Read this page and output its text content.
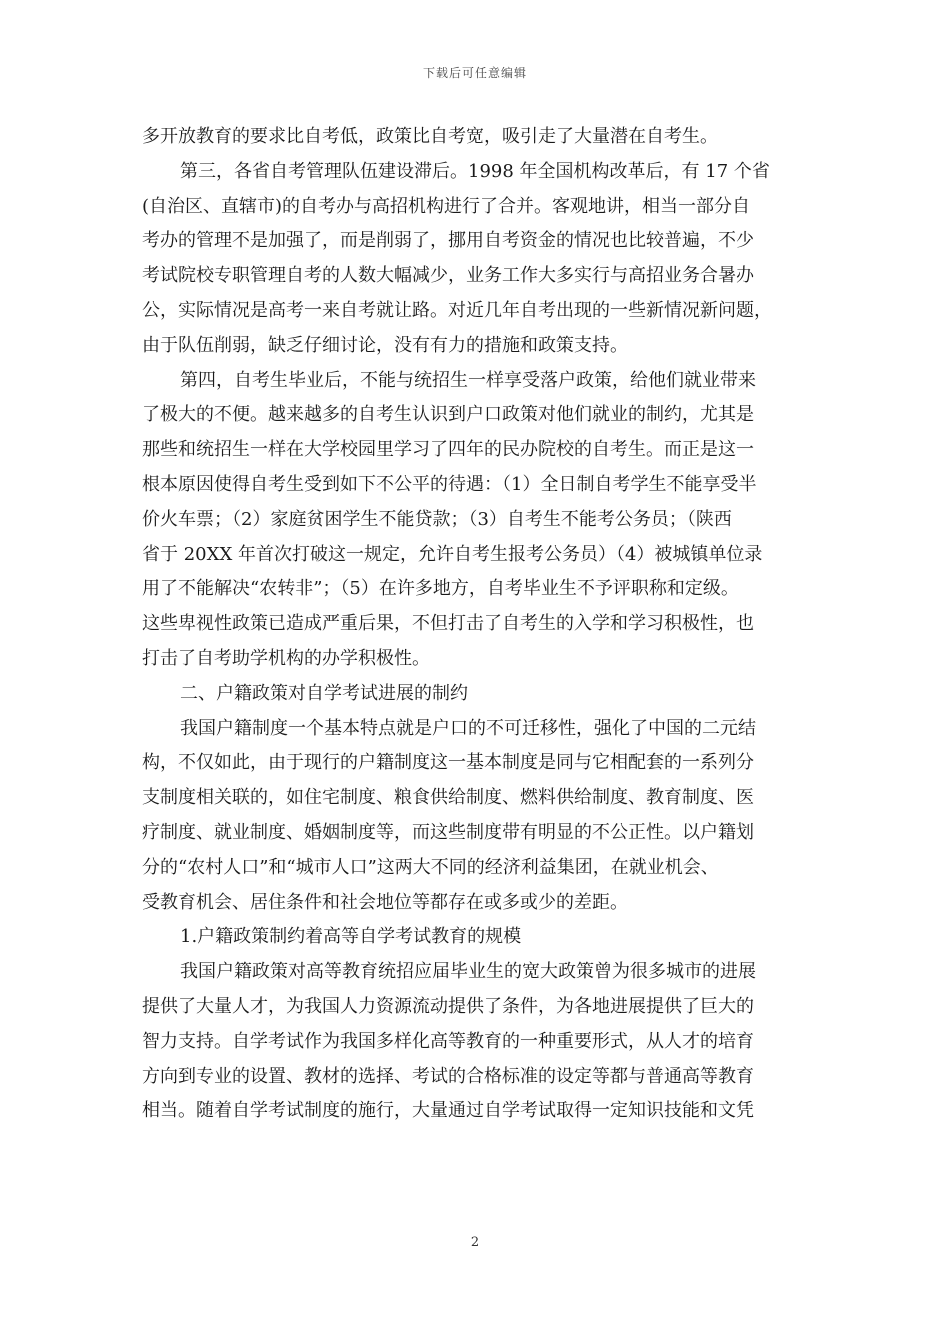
下载后可任意编辑
多开放教育的要求比自考低，政策比自考宽，吸引走了大量潜在自考生。
第三，各省自考管理队伍建设滞后。1998 年全国机构改革后，有 17 个省
(自治区、直辖市)的自考办与高招机构进行了合并。客观地讲，相当一部分自
考办的管理不是加强了，而是削弱了，挪用自考资金的情况也比较普遍，不少
考试院校专职管理自考的人数大幅减少，业务工作大多实行与高招业务合暑办
公，实际情况是高考一来自考就让路。对近几年自考出现的一些新情况新问题，
由于队伍削弱，缺乏仔细讨论，没有有力的措施和政策支持。
第四，自考生毕业后，不能与统招生一样享受落户政策，给他们就业带来
了极大的不便。越来越多的自考生认识到户口政策对他们就业的制约，尤其是
那些和统招生一样在大学校园里学习了四年的民办院校的自考生。而正是这一
根本原因使得自考生受到如下不公平的待遇：（1）全日制自考学生不能享受半
价火车票；（2）家庭贫困学生不能贷款；（3）自考生不能考公务员；（陕西
省于 20XX 年首次打破这一规定，允许自考生报考公务员）（4）被城镇单位录
用了不能解决“农转非”；（5）在许多地方，自考毕业生不予评职称和定级。
这些卑视性政策已造成严重后果，不但打击了自考生的入学和学习积极性，也
打击了自考助学机构的办学积极性。
二、户籍政策对自学考试进展的制约
我国户籍制度一个基本特点就是户口的不可迁移性，强化了中国的二元结
构，不仅如此，由于现行的户籍制度这一基本制度是同与它相配套的一系列分
支制度相关联的，如住宅制度、粮食供给制度、燃料供给制度、教育制度、医
疗制度、就业制度、婚姻制度等，而这些制度带有明显的不公正性。以户籍划
分的“农村人口”和“城市人口”这两大不同的经济利益集团，在就业机会、
受教育机会、居住条件和社会地位等都存在或多或少的差距。
1.户籍政策制约着高等自学考试教育的规模
我国户籍政策对高等教育统招应届毕业生的宽大政策曾为很多城市的进展
提供了大量人才，为我国人力资源流动提供了条件，为各地进展提供了巨大的
智力支持。自学考试作为我国多样化高等教育的一种重要形式，从人才的培育
方向到专业的设置、教材的选择、考试的合格标准的设定等都与普通高等教育
相当。随着自学考试制度的施行，大量通过自学考试取得一定知识技能和文凭
2
